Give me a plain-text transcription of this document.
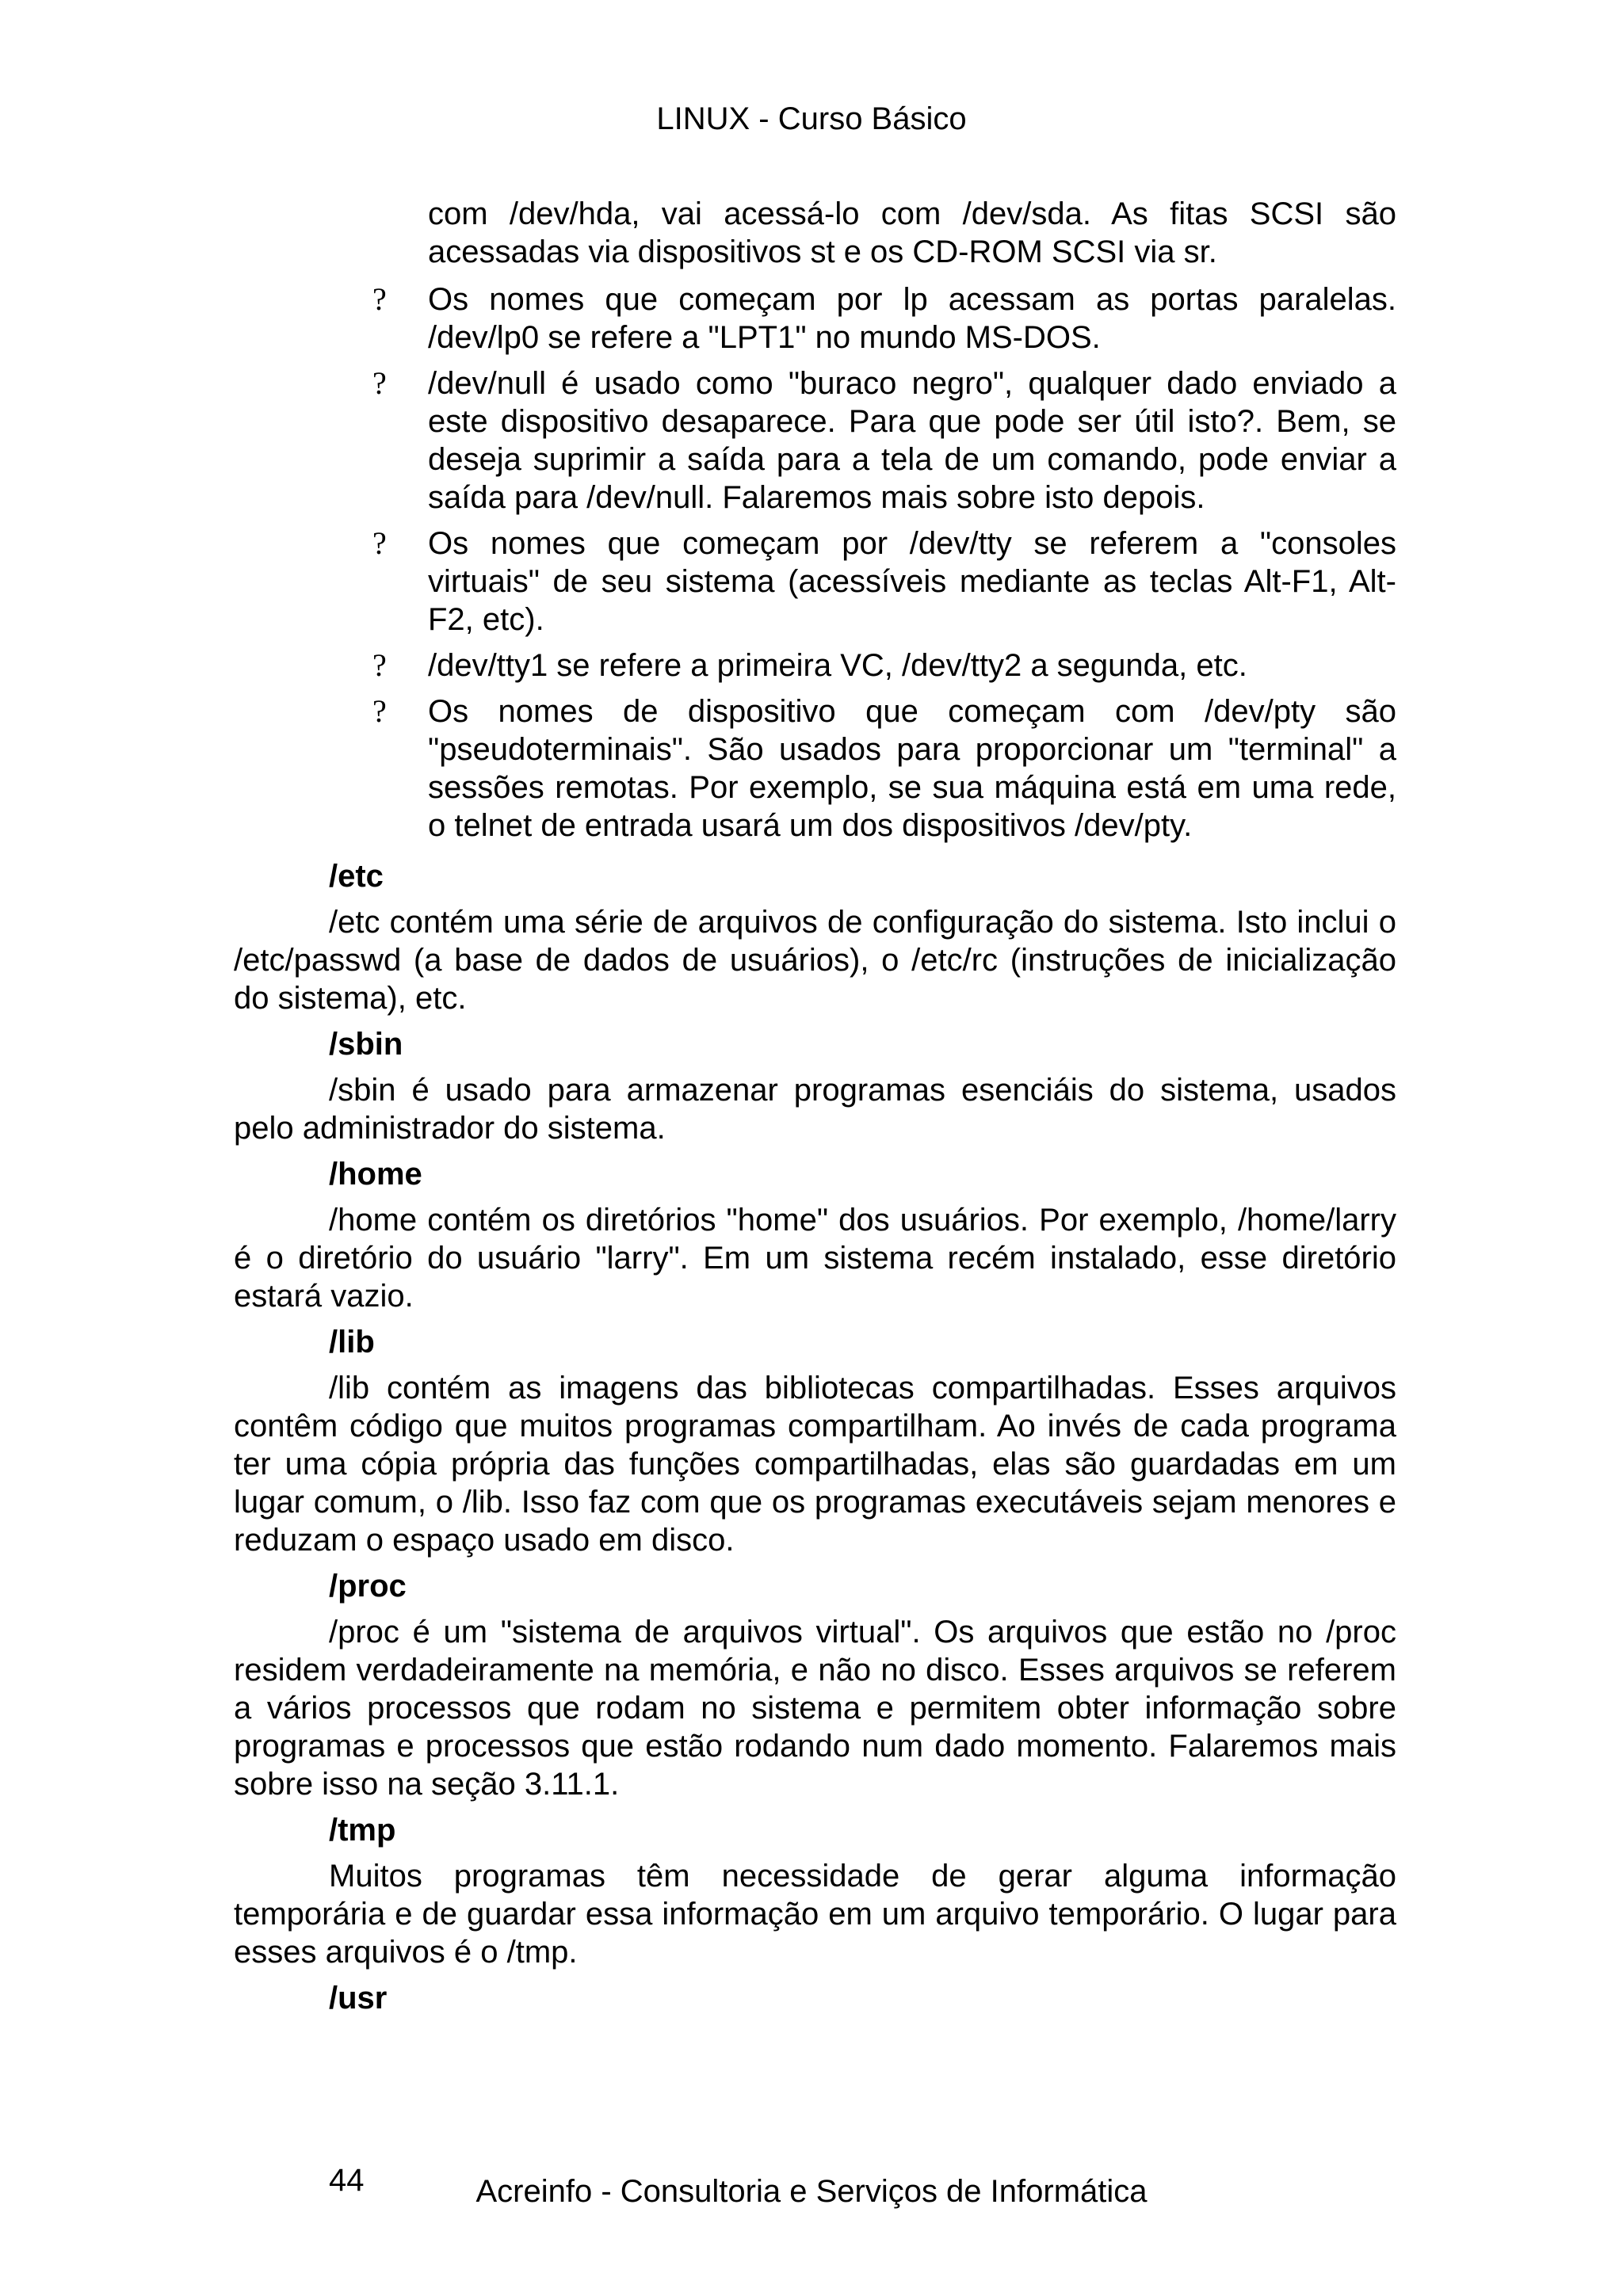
LINUX - Curso Básico

com /dev/hda, vai acessá-lo com /dev/sda. As fitas SCSI são acessadas via dispositivos st e os CD-ROM SCSI via sr.

? Os nomes que começam por lp acessam as portas paralelas. /dev/lp0 se refere a "LPT1" no mundo MS-DOS.
? /dev/null é usado como "buraco negro", qualquer dado enviado a este dispositivo desaparece. Para que pode ser útil isto?. Bem, se deseja suprimir a saída para a tela de um comando, pode enviar a saída para /dev/null. Falaremos mais sobre isto depois.
? Os nomes que começam por /dev/tty se referem a "consoles virtuais" de seu sistema (acessíveis mediante as teclas Alt-F1, Alt-F2, etc).
? /dev/tty1 se refere a primeira VC, /dev/tty2 a segunda, etc.
? Os nomes de dispositivo que começam com /dev/pty são "pseudoterminais". São usados para proporcionar um "terminal" a sessões remotas. Por exemplo, se sua máquina está em uma rede, o telnet de entrada usará um dos dispositivos /dev/pty.
/etc

/etc contém uma série de arquivos de configuração do sistema. Isto inclui o /etc/passwd (a base de dados de usuários), o /etc/rc (instruções de inicialização do sistema), etc.

/sbin

/sbin é usado para armazenar programas esenciáis do sistema, usados pelo administrador do sistema.

/home

/home contém os diretórios "home" dos usuários. Por exemplo, /home/larry é o diretório do usuário "larry". Em um sistema recém instalado, esse diretório estará vazio.

/lib

/lib contém as imagens das bibliotecas compartilhadas. Esses arquivos contêm código que muitos programas compartilham. Ao invés de cada programa ter uma cópia própria das funções compartilhadas, elas são guardadas em um lugar comum, o /lib. Isso faz com que os programas executáveis sejam menores e reduzam o espaço usado em disco.

/proc

/proc é um "sistema de arquivos virtual". Os arquivos que estão no /proc residem verdadeiramente na memória, e não no disco. Esses arquivos se referem a vários processos que rodam no sistema e permitem obter informação sobre programas e processos que estão rodando num dado momento. Falaremos mais sobre isso na seção 3.11.1.

/tmp

Muitos programas têm necessidade de gerar alguma informação temporária e de guardar essa informação em um arquivo temporário. O lugar para esses arquivos é o /tmp.

/usr
44	Acreinfo - Consultoria e Serviços de Informática
